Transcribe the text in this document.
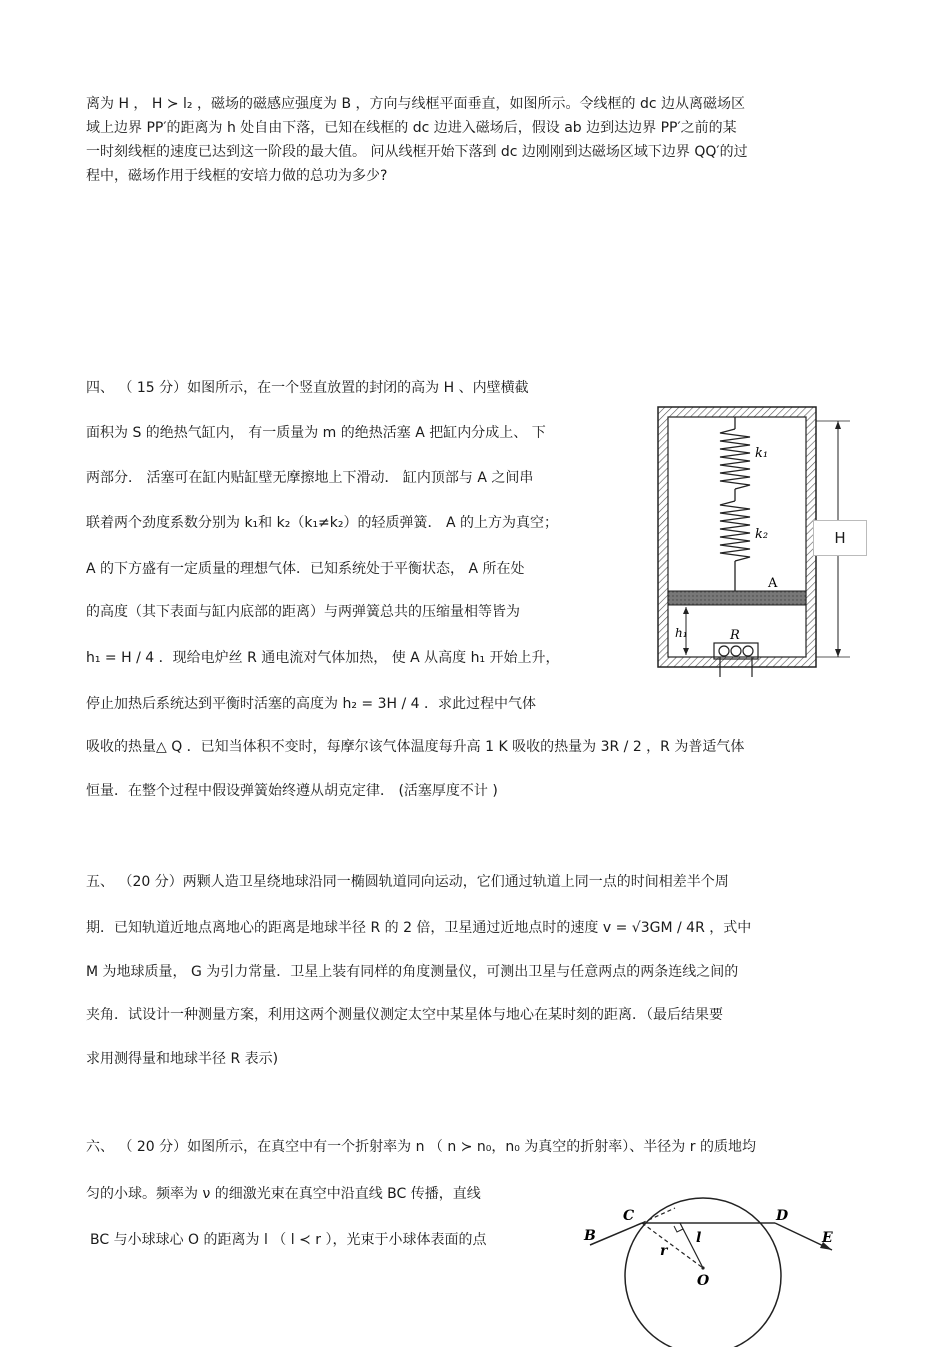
离为 H ， H ≻ l₂ ，磁场的磁感应强度为 B ，方向与线框平面垂直，如图所示。令线框的 dc 边从离磁场区
域上边界 PP′的距离为 h 处自由下落，已知在线框的 dc 边进入磁场后，假设 ab 边到达边界 PP′之前的某
一时刻线框的速度已达到这一阶段的最大值。 问从线框开始下落到 dc 边刚刚到达磁场区域下边界 QQ′的过
程中，磁场作用于线框的安培力做的总功为多少?
四、 （ 15 分）如图所示，在一个竖直放置的封闭的高为 H 、内壁横截
面积为 S 的绝热气缸内， 有一质量为 m 的绝热活塞 A 把缸内分成上、 下
两部分． 活塞可在缸内贴缸壁无摩擦地上下滑动． 缸内顶部与 A 之间串
联着两个劲度系数分别为 k₁和 k₂（k₁≠k₂）的轻质弹簧． A 的上方为真空；
A 的下方盛有一定质量的理想气体．已知系统处于平衡状态， A 所在处
的高度（其下表面与缸内底部的距离）与两弹簧总共的压缩量相等皆为
h₁ = H / 4 ．现给电炉丝 R 通电流对气体加热， 使 A 从高度 h₁ 开始上升，
停止加热后系统达到平衡时活塞的高度为 h₂ = 3H / 4 ．求此过程中气体
吸收的热量△ Q ．已知当体积不变时，每摩尔该气体温度每升高 1 K 吸收的热量为 3R / 2 ，R 为普适气体
恒量．在整个过程中假设弹簧始终遵从胡克定律． (活塞厚度不计 )
k₁
k₂
A
h₁	R
H
五、 （20 分）两颗人造卫星绕地球沿同一椭圆轨道同向运动，它们通过轨道上同一点的时间相差半个周
期．已知轨道近地点离地心的距离是地球半径 R 的 2 倍，卫星通过近地点时的速度 v = √3GM / 4R ，式中
M 为地球质量， G 为引力常量．卫星上装有同样的角度测量仪，可测出卫星与任意两点的两条连线之间的
夹角．试设计一种测量方案，利用这两个测量仪测定太空中某星体与地心在某时刻的距离．（最后结果要
求用测得量和地球半径 R 表示)
六、 （ 20 分）如图所示，在真空中有一个折射率为 n （ n ≻ n₀，n₀ 为真空的折射率）、半径为 r 的质地均
匀的小球。频率为 ν 的细激光束在真空中沿直线 BC 传播，直线
BC 与小球球心 O 的距离为 l （ l ≺ r ），光束于小球体表面的点	B
C	D
E
O
l
r
